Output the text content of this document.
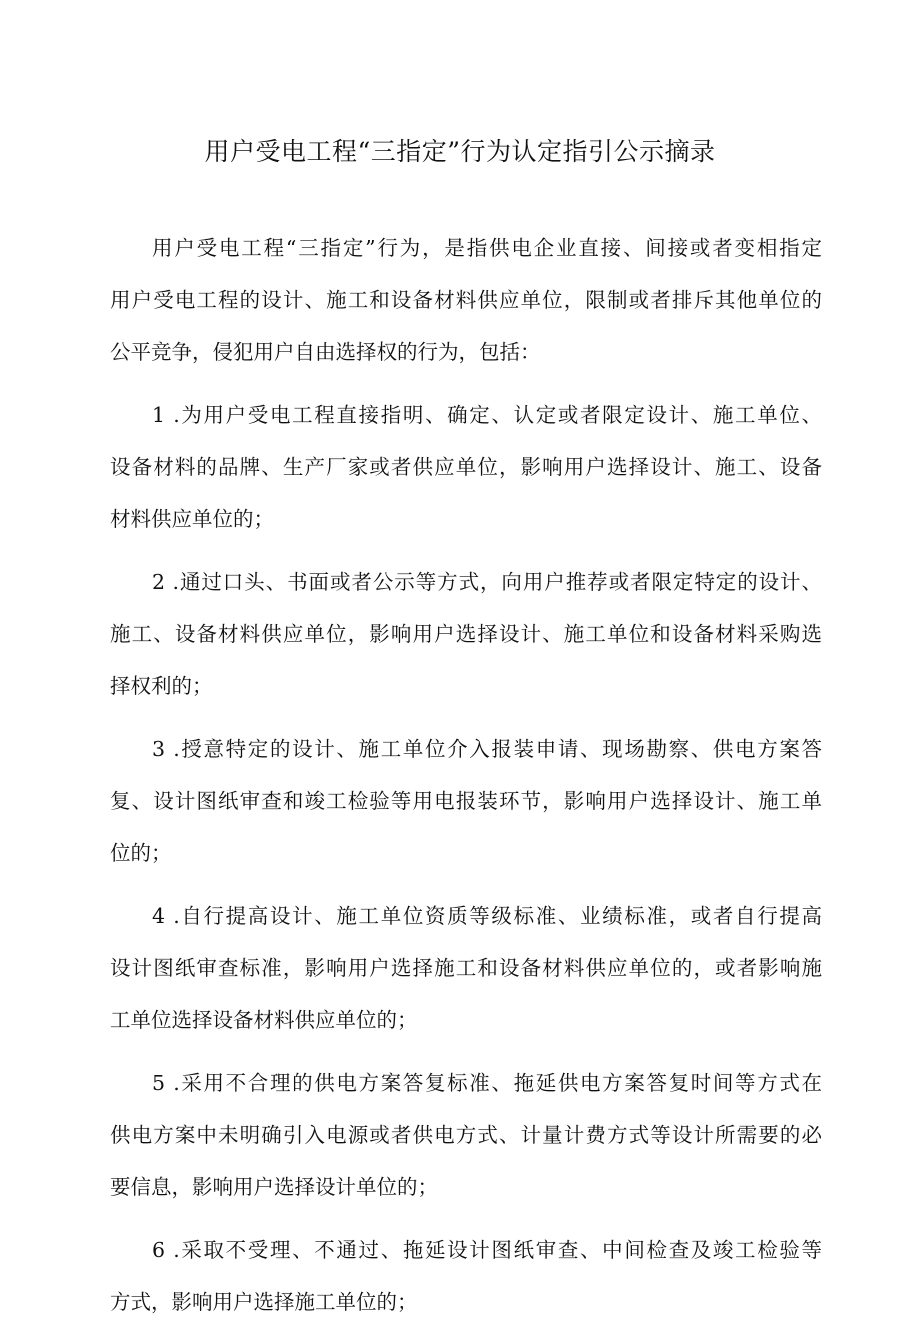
用户受电工程“三指定”行为认定指引公示摘录
用户受电工程“三指定”行为，是指供电企业直接、间接或者变相指定
用户受电工程的设计、施工和设备材料供应单位，限制或者排斥其他单位的
公平竞争，侵犯用户自由选择权的行为，包括：
1 .为用户受电工程直接指明、确定、认定或者限定设计、施工单位、
设备材料的品牌、生产厂家或者供应单位，影响用户选择设计、施工、设备
材料供应单位的；
2 .通过口头、书面或者公示等方式，向用户推荐或者限定特定的设计、
施工、设备材料供应单位，影响用户选择设计、施工单位和设备材料采购选
择权利的；
3 .授意特定的设计、施工单位介入报装申请、现场勘察、供电方案答
复、设计图纸审查和竣工检验等用电报装环节，影响用户选择设计、施工单
位的；
4 .自行提高设计、施工单位资质等级标准、业绩标准，或者自行提高
设计图纸审查标准，影响用户选择施工和设备材料供应单位的，或者影响施
工单位选择设备材料供应单位的；
5 .采用不合理的供电方案答复标准、拖延供电方案答复时间等方式在
供电方案中未明确引入电源或者供电方式、计量计费方式等设计所需要的必
要信息，影响用户选择设计单位的；
6 .采取不受理、不通过、拖延设计图纸审查、中间检查及竣工检验等
方式，影响用户选择施工单位的；
